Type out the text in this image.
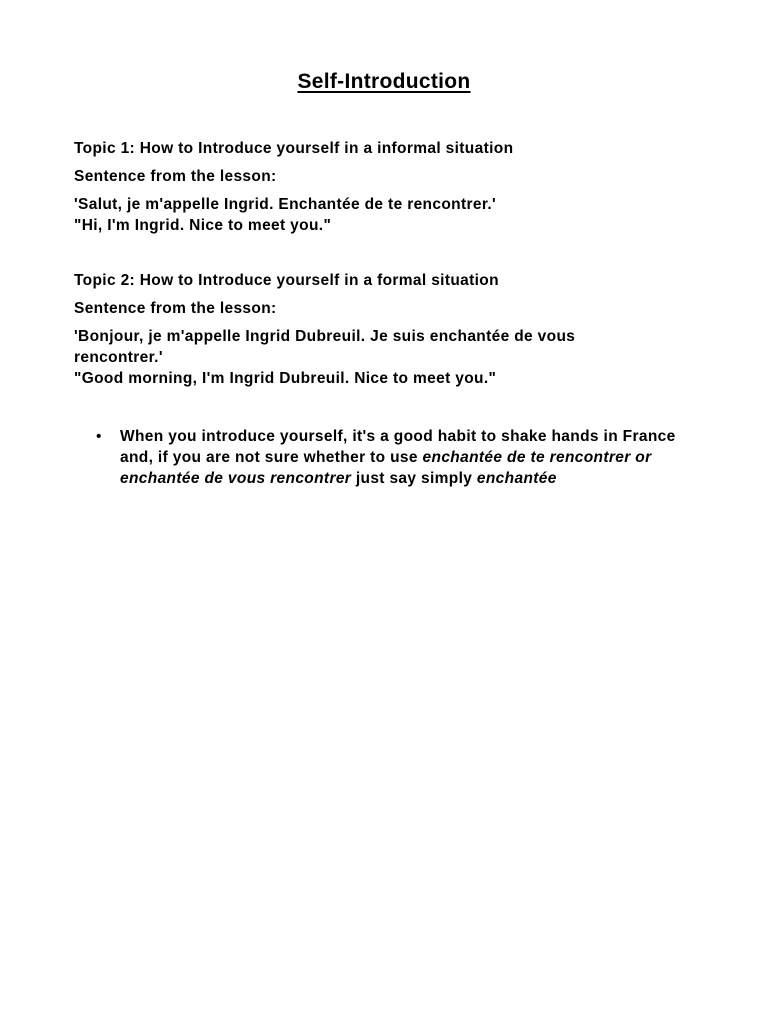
Self-Introduction
Topic 1: How to Introduce yourself in a informal situation
Sentence from the lesson:

'Salut, je m'appelle Ingrid. Enchantée de te rencontrer.'

"Hi, I'm Ingrid. Nice to meet you."

Topic 2: How to Introduce yourself in a formal situation
Sentence from the lesson:

'Bonjour, je m'appelle Ingrid Dubreuil. Je suis enchantée de vous

rencontrer.'

"Good morning, I'm Ingrid Dubreuil. Nice to meet you."

• When you introduce yourself, it's a good habit to shake hands in France and, if you are not sure whether to use enchantée de te rencontrer or enchantée de vous rencontrer just say simply enchantée
